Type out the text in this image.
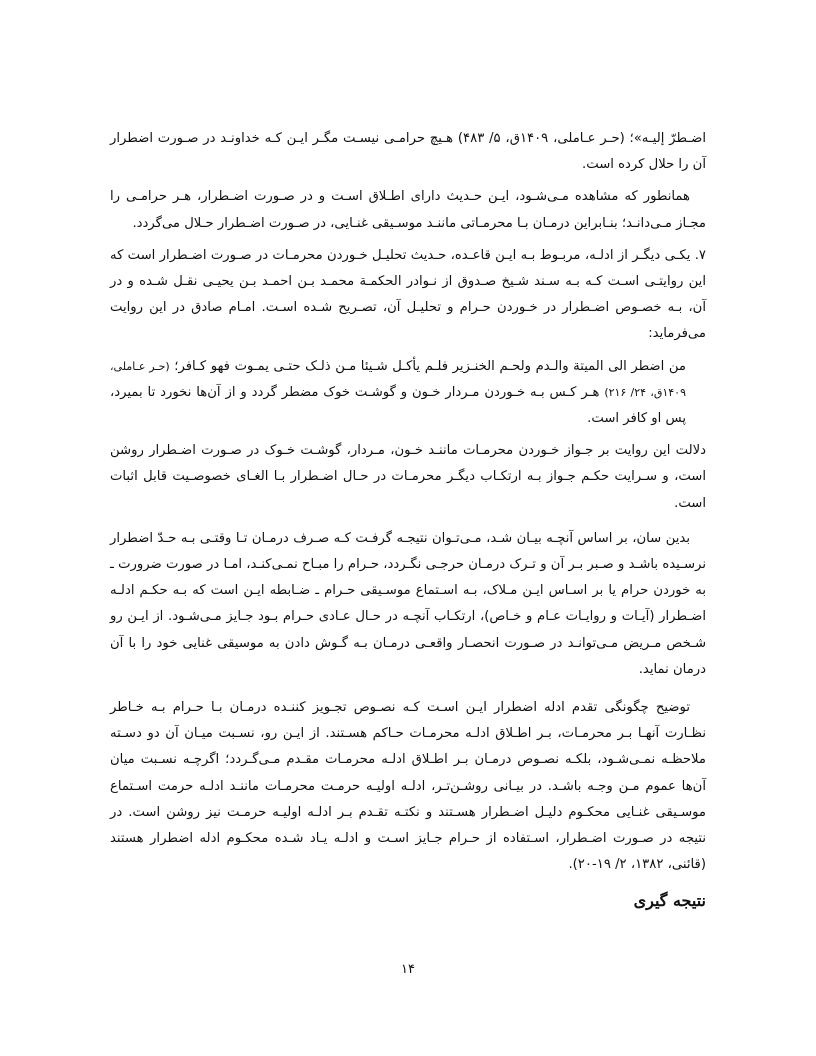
اضـطرّ إليـه»؛ (حـر عـاملی، ۱۴۰۹ق، ۵/ ۴۸۳) هـیچ حرامـی نیسـت مگـر ایـن کـه خداونـد در صـورت اضطرار آن را حلال کرده است.

همانطور که مشاهده مـی‌شـود، ایـن حـدیث دارای اطـلاق اسـت و در صـورت اضـطرار، هـر حرامـی را مجـاز مـی‌دانـد؛ بنـابراین درمـان بـا محرمـاتی ماننـد موسـیقی غنـایی، در صـورت اضـطرار حـلال می‌گردد.

۷. یکـی دیگـر از ادلـه، مربـوط بـه ایـن قاعـده، حـدیث تحلیـل خـوردن محرمـات در صـورت اضـطرار است که این روایتـی اسـت کـه بـه سـند شـیخ صـدوق از نـوادر الحکمـة محمـد بـن احمـد بـن یحیـی نقـل شـده و در آن، بـه خصـوص اضـطرار در خـوردن حـرام و تحلیـل آن، تصـریح شـده اسـت. امـام صادق در این روایت می‌فرماید:

من اضطر الی المیتة والـدم ولحـم الخنـزیر فلـم یأکـل شـیئا مـن ذلـک حتـی یمـوت فهو کـافر؛ (حـر عـاملی، ۱۴۰۹ق، ۲۴/ ۲۱۶) هـر کـس بـه خـوردن مـردار خـون و گوشـت خوک مضطر گردد و از آن‌ها نخورد تا بمیرد، پس او کافر است.

دلالت این روایت بر جـواز خـوردن محرمـات ماننـد خـون، مـردار، گوشـت خـوک در صـورت اضـطرار روشن است، و سـرایت حکـم جـواز بـه ارتکـاب دیگـر محرمـات در حـال اضـطرار بـا الغـای خصوصـیت قابل اثبات است.

بدین سان، بر اساس آنچـه بیـان شـد، مـی‌تـوان نتیجـه گرفـت کـه صـرف درمـان تـا وقتـی بـه حـدّ اضطرار نرسـیده باشـد و صـبر بـر آن و تـرک درمـان حرجـی نگـردد، حـرام را مبـاح نمـی‌کنـد، امـا در صورت ضرورت ـ به خوردن حرام یا بر اسـاس ایـن مـلاک، بـه اسـتماع موسـیقی حـرام ـ ضـابطه ایـن است که بـه حکـم ادلـه اضـطرار (آیـات و روایـات عـام و خـاص)، ارتکـاب آنچـه در حـال عـادی حـرام بـود جـایز مـی‌شـود. از ایـن رو شـخص مـریض مـی‌توانـد در صـورت انحصـار واقعـی درمـان بـه گـوش دادن به موسیقی غنایی خود را با آن درمان نماید.

توضیح چگونگی تقدم ادله اضطرار ایـن اسـت کـه نصـوص تجـویز کننـده درمـان بـا حـرام بـه خـاطر نظـارت آنهـا بـر محرمـات، بـر اطـلاق ادلـه محرمـات حـاکم هسـتند. از ایـن رو، نسـبت میـان آن دو دسـته ملاحظـه نمـی‌شـود، بلکـه نصـوص درمـان بـر اطـلاق ادلـه محرمـات مقـدم مـی‌گـردد؛ اگرچـه نسـبت میان آن‌ها عموم مـن وجـه باشـد. در بیـانی روشـن‌تـر، ادلـه اولیـه حرمـت محرمـات ماننـد ادلـه حرمت اسـتماع موسـیقی غنـایی محکـوم دلیـل اضـطرار هسـتند و نکتـه تقـدم بـر ادلـه اولیـه حرمـت نیز روشن است. در نتیجه در صـورت اضـطرار، اسـتفاده از حـرام جـایز اسـت و ادلـه یـاد شـده محکـوم ادله اضطرار هستند (قائنی، ۱۳۸۲، ۲/ ۱۹-۲۰).

نتیجه گیری

۱۴
